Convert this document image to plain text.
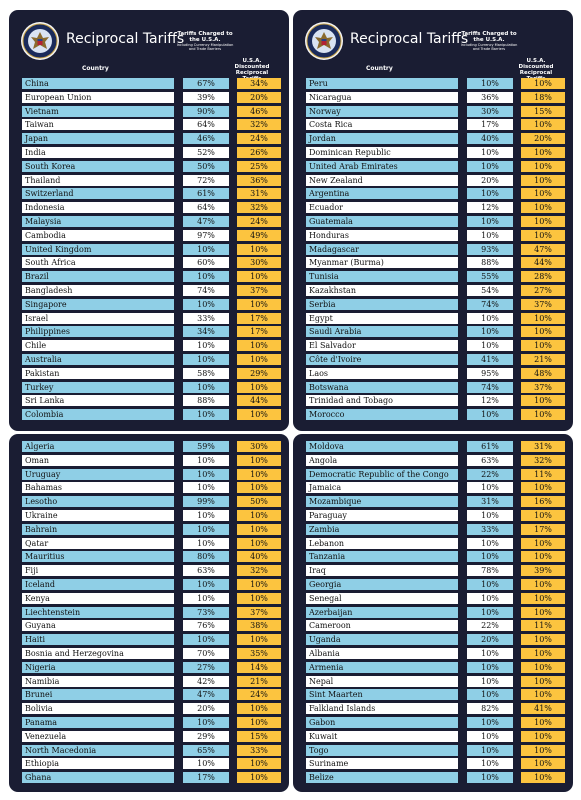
Reciprocal Tariffs
Country
Tariffs Charged to the U.S.A.
Including Currency Manipulation and Trade Barriers
U.S.A. Discounted Reciprocal
China	67%	34%
European Union	39%	20%
Vietnam	90%	46%
Taiwan	64%	32%
Japan	46%	24%
India	52%	26%
South Korea	50%	25%
Thailand	72%	36%
Switzerland	61%	31%
Indonesia	64%	32%
Malaysia	47%	24%
Cambodia	97%	49%
United Kingdom	10%	10%
South Africa	60%	30%
Brazil	10%	10%
Bangladesh	74%	37%
Singapore	10%	10%
Israel	33%	17%
Philippines	34%	17%
Chile	10%	10%
Australia	10%	10%
Pakistan	58%	29%
Turkey	10%	10%
Sri Lanka	88%	44%
Colombia	10%	10%
Reciprocal Tariffs
Country
Tariffs Charged to the U.S.A.
Including Currency Manipulation and Trade Barriers
U.S.A. Discounted Reciprocal
Peru	10%	10%
Nicaragua	36%	18%
Norway	30%	15%
Costa Rica	17%	10%
Jordan	40%	20%
Dominican Republic	10%	10%
United Arab Emirates	10%	10%
New Zealand	20%	10%
Argentina	10%	10%
Ecuador	12%	10%
Guatemala	10%	10%
Honduras	10%	10%
Madagascar	93%	47%
Myanmar (Burma)	88%	44%
Tunisia	55%	28%
Kazakhstan	54%	27%
Serbia	74%	37%
Egypt	10%	10%
Saudi Arabia	10%	10%
El Salvador	10%	10%
Côte d'Ivoire	41%	21%
Laos	95%	48%
Botswana	74%	37%
Trinidad and Tobago	12%	10%
Morocco	10%	10%
Algeria	59%	30%
Oman	10%	10%
Uruguay	10%	10%
Bahamas	10%	10%
Lesotho	99%	50%
Ukraine	10%	10%
Bahrain	10%	10%
Qatar	10%	10%
Mauritius	80%	40%
Fiji	63%	32%
Iceland	10%	10%
Kenya	10%	10%
Liechtenstein	73%	37%
Guyana	76%	38%
Haiti	10%	10%
Bosnia and Herzegovina	70%	35%
Nigeria	27%	14%
Namibia	42%	21%
Brunei	47%	24%
Bolivia	20%	10%
Panama	10%	10%
Venezuela	29%	15%
North Macedonia	65%	33%
Ethiopia	10%	10%
Ghana	17%	10%
Moldova	61%	31%
Angola	63%	32%
Democratic Republic of the Congo	22%	11%
Jamaica	10%	10%
Mozambique	31%	16%
Paraguay	10%	10%
Zambia	33%	17%
Lebanon	10%	10%
Tanzania	10%	10%
Iraq	78%	39%
Georgia	10%	10%
Senegal	10%	10%
Azerbaijan	10%	10%
Cameroon	22%	11%
Uganda	20%	10%
Albania	10%	10%
Armenia	10%	10%
Nepal	10%	10%
Sint Maarten	10%	10%
Falkland Islands	82%	41%
Gabon	10%	10%
Kuwait	10%	10%
Togo	10%	10%
Suriname	10%	10%
Belize	10%	10%
